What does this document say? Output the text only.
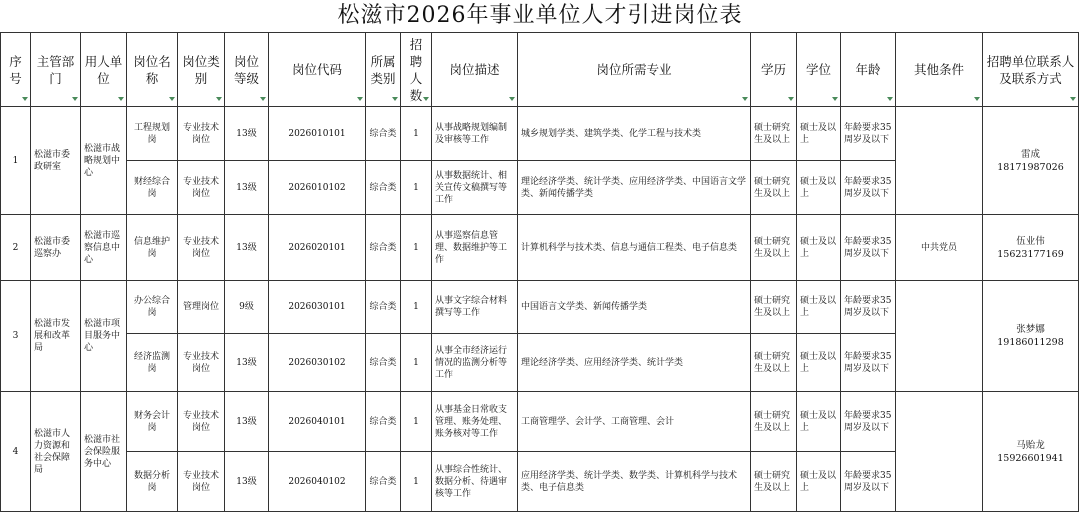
松滋市2026年事业单位人才引进岗位表
序号	主管部门	用人单位	岗位名称	岗位类别	岗位等级	岗位代码	所属类别	招聘人数	岗位描述	岗位所需专业	学历	学位	年龄	其他条件	招聘单位联系人及联系方式

1	松滋市委政研室	松滋市战略规划中心	工程规划岗	专业技术岗位	13级	2026010101	综合类	1	从事战略规划编制及审核等工作	城乡规划学类、建筑学类、化学工程与技术类	硕士研究生及以上	硕士及以上	年龄要求35周岁及以下		雷成
18171987026
			财经综合岗	专业技术岗位	13级	2026010102	综合类	1	从事数据统计、相关宣传文稿撰写等工作	理论经济学类、统计学类、应用经济学类、中国语言文学类、新闻传播学类	硕士研究生及以上	硕士及以上	年龄要求35周岁及以下		
2	松滋市委巡察办	松滋市巡察信息中心	信息维护岗	专业技术岗位	13级	2026020101	综合类	1	从事巡察信息管理、数据维护等工作	计算机科学与技术类、信息与通信工程类、电子信息类	硕士研究生及以上	硕士及以上	年龄要求35周岁及以下	中共党员	伍业伟
15623177169
3	松滋市发展和改革局	松滋市项目服务中心	办公综合岗	管理岗位	9级	2026030101	综合类	1	从事文字综合材料撰写等工作	中国语言文学类、新闻传播学类	硕士研究生及以上	硕士及以上	年龄要求35周岁及以下		张梦娜
19186011298
			经济监测岗	专业技术岗位	13级	2026030102	综合类	1	从事全市经济运行情况的监测分析等工作	理论经济学类、应用经济学类、统计学类	硕士研究生及以上	硕士及以上	年龄要求35周岁及以下		
4	松滋市人力资源和社会保障局	松滋市社会保险服务中心	财务会计岗	专业技术岗位	13级	2026040101	综合类	1	从事基金日常收支管理、账务处理、账务核对等工作	工商管理学、会计学、工商管理、会计	硕士研究生及以上	硕士及以上	年龄要求35周岁及以下		马贻龙
15926601941
			数据分析岗	专业技术岗位	13级	2026040102	综合类	1	从事综合性统计、数据分析、待遇审核等工作	应用经济学类、统计学类、数学类、计算机科学与技术类、电子信息类	硕士研究生及以上	硕士及以上	年龄要求35周岁及以下		
